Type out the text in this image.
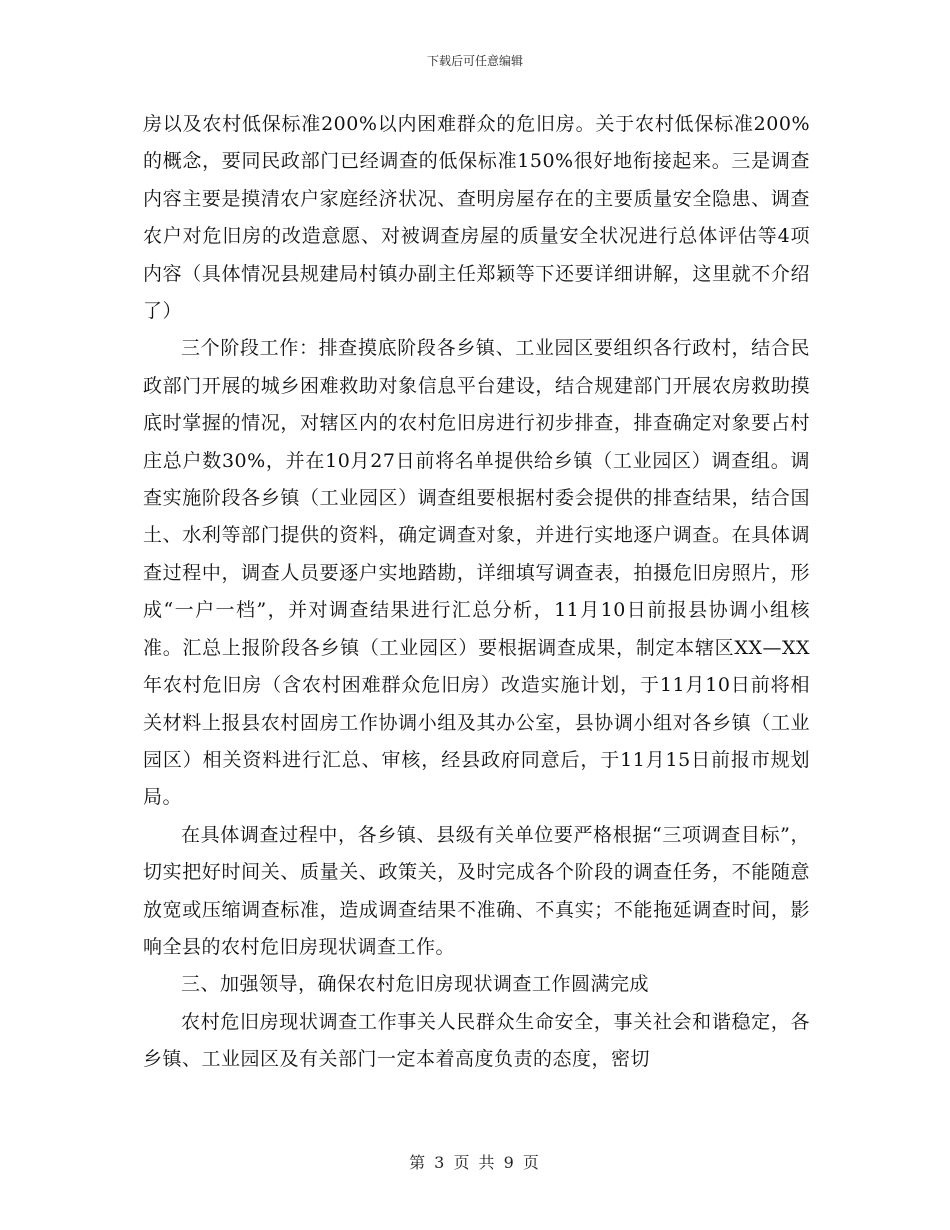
下载后可任意编辑

房以及农村低保标准200%以内困难群众的危旧房。关于农村低保标准200%的概念，要同民政部门已经调查的低保标准150%很好地衔接起来。三是调查内容主要是摸清农户家庭经济状况、查明房屋存在的主要质量安全隐患、调查农户对危旧房的改造意愿、对被调查房屋的质量安全状况进行总体评估等4项内容（具体情况县规建局村镇办副主任郑颖等下还要详细讲解，这里就不介绍了）

三个阶段工作：排查摸底阶段各乡镇、工业园区要组织各行政村，结合民政部门开展的城乡困难救助对象信息平台建设，结合规建部门开展农房救助摸底时掌握的情况，对辖区内的农村危旧房进行初步排查，排查确定对象要占村庄总户数30%，并在10月27日前将名单提供给乡镇（工业园区）调查组。调查实施阶段各乡镇（工业园区）调查组要根据村委会提供的排查结果，结合国土、水利等部门提供的资料，确定调查对象，并进行实地逐户调查。在具体调查过程中，调查人员要逐户实地踏勘，详细填写调查表，拍摄危旧房照片，形成“一户一档”，并对调查结果进行汇总分析，11月10日前报县协调小组核准。汇总上报阶段各乡镇（工业园区）要根据调查成果，制定本辖区XX—XX年农村危旧房（含农村困难群众危旧房）改造实施计划，于11月10日前将相关材料上报县农村固房工作协调小组及其办公室，县协调小组对各乡镇（工业园区）相关资料进行汇总、审核，经县政府同意后，于11月15日前报市规划局。

在具体调查过程中，各乡镇、县级有关单位要严格根据“三项调查目标”，切实把好时间关、质量关、政策关，及时完成各个阶段的调查任务，不能随意放宽或压缩调查标准，造成调查结果不准确、不真实；不能拖延调查时间，影响全县的农村危旧房现状调查工作。

三、加强领导，确保农村危旧房现状调查工作圆满完成

农村危旧房现状调查工作事关人民群众生命安全，事关社会和谐稳定，各乡镇、工业园区及有关部门一定本着高度负责的态度，密切

第 3 页 共 9 页
